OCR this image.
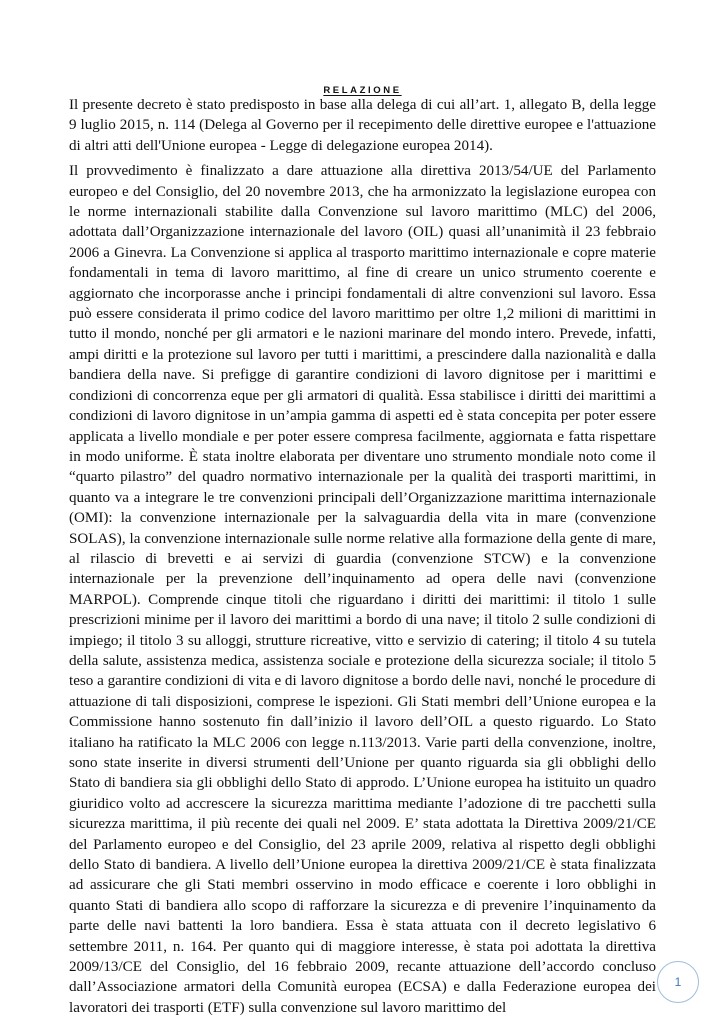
RELAZIONE

Il presente decreto è stato predisposto in base alla delega di cui all’art. 1, allegato B, della legge 9 luglio 2015, n. 114 (Delega al Governo per il recepimento delle direttive europee e l'attuazione di altri atti dell'Unione europea - Legge di delegazione europea 2014).

Il provvedimento è finalizzato a dare attuazione alla direttiva 2013/54/UE del Parlamento europeo e del Consiglio, del 20 novembre 2013, che ha armonizzato la legislazione europea con le norme internazionali stabilite dalla Convenzione sul lavoro marittimo (MLC) del 2006, adottata dall’Organizzazione internazionale del lavoro (OIL) quasi all’unanimità il 23 febbraio 2006 a Ginevra. La Convenzione si applica al trasporto marittimo internazionale e copre materie fondamentali in tema di lavoro marittimo, al fine di creare un unico strumento coerente e aggiornato che incorporasse anche i principi fondamentali di altre convenzioni sul lavoro. Essa può essere considerata il primo codice del lavoro marittimo per oltre 1,2 milioni di marittimi in tutto il mondo, nonché per gli armatori e le nazioni marinare del mondo intero. Prevede, infatti, ampi diritti e la protezione sul lavoro per tutti i marittimi, a prescindere dalla nazionalità e dalla bandiera della nave. Si prefigge di garantire condizioni di lavoro dignitose per i marittimi e condizioni di concorrenza eque per gli armatori di qualità. Essa stabilisce i diritti dei marittimi a condizioni di lavoro dignitose in un’ampia gamma di aspetti ed è stata concepita per poter essere applicata a livello mondiale e per poter essere compresa facilmente, aggiornata e fatta rispettare in modo uniforme. È stata inoltre elaborata per diventare uno strumento mondiale noto come il “quarto pilastro” del quadro normativo internazionale per la qualità dei trasporti marittimi, in quanto va a integrare le tre convenzioni principali dell’Organizzazione marittima internazionale (OMI): la convenzione internazionale per la salvaguardia della vita in mare (convenzione SOLAS), la convenzione internazionale sulle norme relative alla formazione della gente di mare, al rilascio di brevetti e ai servizi di guardia (convenzione STCW) e la convenzione internazionale per la prevenzione dell’inquinamento ad opera delle navi (convenzione MARPOL). Comprende cinque titoli che riguardano i diritti dei marittimi: il titolo 1 sulle prescrizioni minime per il lavoro dei marittimi a bordo di una nave; il titolo 2 sulle condizioni di impiego; il titolo 3 su alloggi, strutture ricreative, vitto e servizio di catering; il titolo 4 su tutela della salute, assistenza medica, assistenza sociale e protezione della sicurezza sociale; il titolo 5 teso a garantire condizioni di vita e di lavoro dignitose a bordo delle navi, nonché le procedure di attuazione di tali disposizioni, comprese le ispezioni. Gli Stati membri dell’Unione europea e la Commissione hanno sostenuto fin dall’inizio il lavoro dell’OIL a questo riguardo. Lo Stato italiano ha ratificato la MLC 2006 con legge n.113/2013. Varie parti della convenzione, inoltre, sono state inserite in diversi strumenti dell’Unione per quanto riguarda sia gli obblighi dello Stato di bandiera sia gli obblighi dello Stato di approdo. L’Unione europea ha istituito un quadro giuridico volto ad accrescere la sicurezza marittima mediante l’adozione di tre pacchetti sulla sicurezza marittima, il più recente dei quali nel 2009. E’ stata adottata la Direttiva 2009/21/CE del Parlamento europeo e del Consiglio, del 23 aprile 2009, relativa al rispetto degli obblighi dello Stato di bandiera. A livello dell’Unione europea la direttiva 2009/21/CE è stata finalizzata ad assicurare che gli Stati membri osservino in modo efficace e coerente i loro obblighi in quanto Stati di bandiera allo scopo di rafforzare la sicurezza e di prevenire l’inquinamento da parte delle navi battenti la loro bandiera. Essa è stata attuata con il decreto legislativo 6 settembre 2011, n. 164. Per quanto qui di maggiore interesse, è stata poi adottata la direttiva 2009/13/CE del Consiglio, del 16 febbraio 2009, recante attuazione dell’accordo concluso dall’Associazione armatori della Comunità europea (ECSA) e dalla Federazione europea dei lavoratori dei trasporti (ETF) sulla convenzione sul lavoro marittimo del

1
